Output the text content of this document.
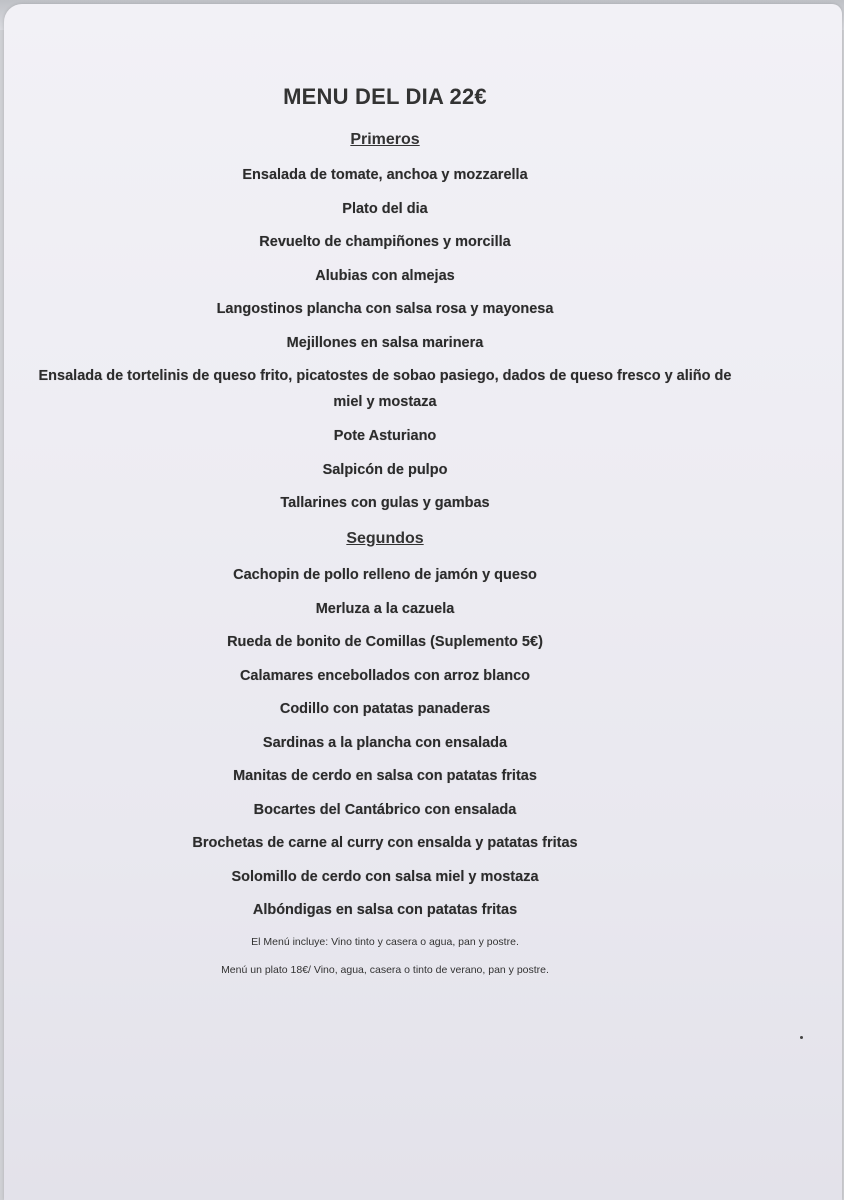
MENU DEL DIA 22€
Primeros
Ensalada de tomate, anchoa y mozzarella
Plato del dia
Revuelto de champiñones y morcilla
Alubias con almejas
Langostinos plancha con salsa rosa y mayonesa
Mejillones en salsa marinera
Ensalada de tortelinis de queso frito, picatostes de sobao pasiego, dados de queso fresco y aliño de miel y mostaza
Pote Asturiano
Salpicón de pulpo
Tallarines con gulas y gambas
Segundos
Cachopin de pollo relleno de jamón y queso
Merluza a la cazuela
Rueda de bonito de Comillas (Suplemento 5€)
Calamares encebollados con arroz blanco
Codillo con patatas panaderas
Sardinas a la plancha con ensalada
Manitas de cerdo en salsa con patatas fritas
Bocartes del Cantábrico con ensalada
Brochetas de carne al curry con ensalda y patatas fritas
Solomillo de cerdo con salsa miel y mostaza
Albóndigas en salsa con patatas fritas
El Menú incluye: Vino tinto y casera o agua, pan y postre.
Menú un plato 18€/ Vino, agua, casera o tinto de verano, pan y postre.
